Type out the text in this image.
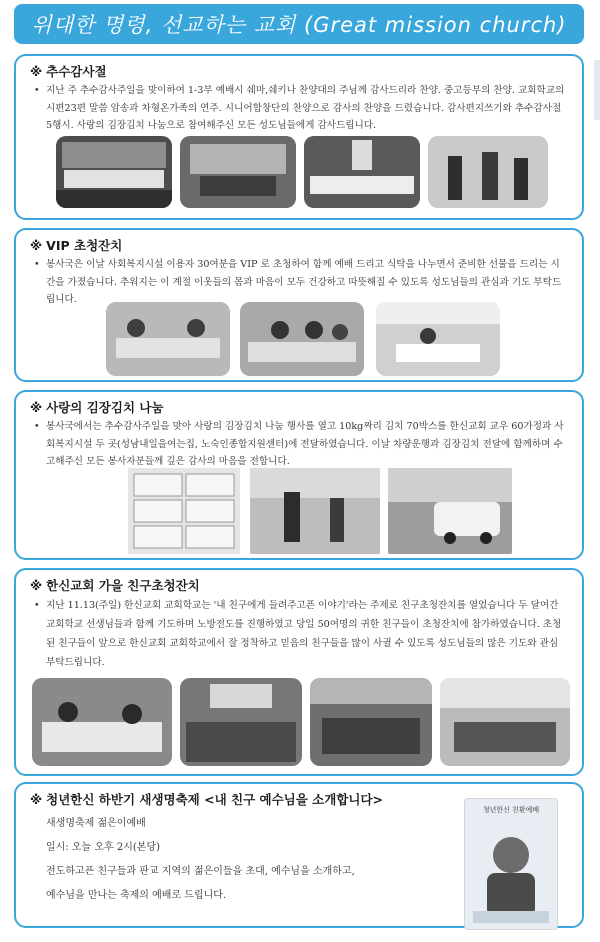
위대한 명령, 선교하는 교회 (Great mission church)
※ 추수감사절
• 지난 주 추수감사주일을 맞이하여 1-3부 예배시 쉐마,쉐키나 찬양대의 주님께 감사드리라 찬양. 중고등부의 찬양. 교회학교의 시편23편 말씀 암송과 차형온가족의 연주. 시니어합창단의 찬양으로 감사의 찬양을 드렸습니다. 감사편지쓰기와 추수감사절 5행시. 사랑의 김장김치 나눔으로 참여해주신 모든 성도님들에게 감사드립니다.
※ VIP 초청잔치
• 봉사국은 이날 사회복지시설 이용자 30여분을 VIP 로 초청하여 함께 예배 드리고 식탁을 나누면서 준비한 선물을 드리는 시간을 가졌습니다. 추워지는 이 계절 이웃들의 몸과 마음이 모두 건강하고 따뜻해질 수 있도록 성도님들의 관심과 기도 부탁드립니다.
※ 사랑의 김장김치 나눔
• 봉사국에서는 추수감사주일을 맞아 사랑의 김장김치 나눔 행사를 열고 10kg짜리 김치 70박스를 한신교회 교우 60가정과 사회복지시설 두 곳(성남내일을여는집, 노숙인종합지원센터)에 전달하였습니다. 이날 차량운행과 김장김치 전달에 함께하며 수고해주신 모든 봉사자분들께 깊은 감사의 마음을 전합니다.
※ 한신교회 가을 친구초청잔치
• 지난 11.13(주일) 한신교회 교회학교는 '내 친구에게 들려주고픈 이야기'라는 주제로 친구초청잔치를 열었습니다 두 달여간 교회학교 선생님들과 함께 기도하며 노방전도를 진행하였고 당일 50여명의 귀한 친구들이 초청잔치에 참가하였습니다. 초청된 친구들이 앞으로 한신교회 교회학교에서 잘 정착하고 믿음의 친구들을 많이 사귈 수 있도록 성도님들의 많은 기도와 관심 부탁드립니다.
※ 청년한신 하반기 새생명축제 <내 친구 예수님을 소개합니다>
새생명축제 젊은이예배
일시: 오늘 오후 2시(본당)
전도하고픈 친구들과 판교 지역의 젊은이들을 초대, 예수님을 소개하고,
예수님을 만나는 축제의 예배로 드립니다.
청년한신 친환예배
